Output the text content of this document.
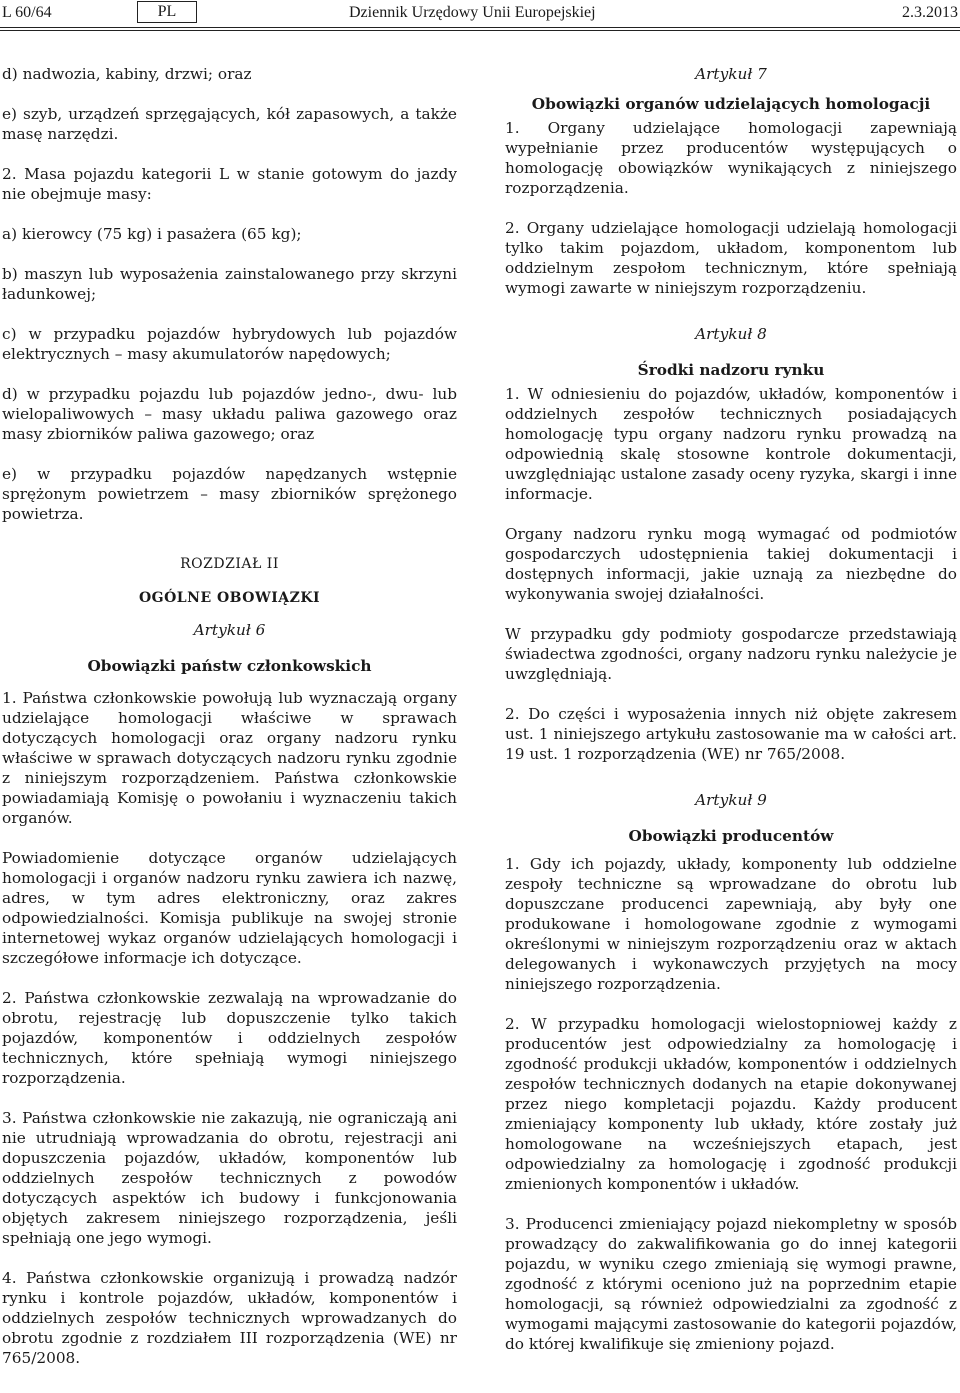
L 60/64	PL	Dziennik Urzędowy Unii Europejskiej	2.3.2013

d) nadwozia, kabiny, drzwi; oraz

e) szyb, urządzeń sprzęgających, kół zapasowych, a także masę narzędzi.

2. Masa pojazdu kategorii L w stanie gotowym do jazdy nie obejmuje masy:

a) kierowcy (75 kg) i pasażera (65 kg);

b) maszyn lub wyposażenia zainstalowanego przy skrzyni ładunkowej;

c) w przypadku pojazdów hybrydowych lub pojazdów elektrycznych – masy akumulatorów napędowych;

d) w przypadku pojazdu lub pojazdów jedno-, dwu- lub wielopaliwowych – masy układu paliwa gazowego oraz masy zbiorników paliwa gazowego; oraz

e) w przypadku pojazdów napędzanych wstępnie sprężonym powietrzem – masy zbiorników sprężonego powietrza.

ROZDZIAŁ II
OGÓLNE OBOWIĄZKI
Artykuł 6
Obowiązki państw członkowskich

1. Państwa członkowskie powołują lub wyznaczają organy udzielające homologacji właściwe w sprawach dotyczących homologacji oraz organy nadzoru rynku właściwe w sprawach dotyczących nadzoru rynku zgodnie z niniejszym rozporządzeniem. Państwa członkowskie powiadamiają Komisję o powołaniu i wyznaczeniu takich organów.

Powiadomienie dotyczące organów udzielających homologacji i organów nadzoru rynku zawiera ich nazwę, adres, w tym adres elektroniczny, oraz zakres odpowiedzialności. Komisja publikuje na swojej stronie internetowej wykaz organów udzielających homologacji i szczegółowe informacje ich dotyczące.

2. Państwa członkowskie zezwalają na wprowadzanie do obrotu, rejestrację lub dopuszczenie tylko takich pojazdów, komponentów i oddzielnych zespołów technicznych, które spełniają wymogi niniejszego rozporządzenia.

3. Państwa członkowskie nie zakazują, nie ograniczają ani nie utrudniają wprowadzania do obrotu, rejestracji ani dopuszczenia pojazdów, układów, komponentów lub oddzielnych zespołów technicznych z powodów dotyczących aspektów ich budowy i funkcjonowania objętych zakresem niniejszego rozporządzenia, jeśli spełniają one jego wymogi.

4. Państwa członkowskie organizują i prowadzą nadzór rynku i kontrole pojazdów, układów, komponentów i oddzielnych zespołów technicznych wprowadzanych do obrotu zgodnie z rozdziałem III rozporządzenia (WE) nr 765/2008.

Artykuł 7
Obowiązki organów udzielających homologacji

1. Organy udzielające homologacji zapewniają wypełnianie przez producentów występujących o homologację obowiązków wynikających z niniejszego rozporządzenia.

2. Organy udzielające homologacji udzielają homologacji tylko takim pojazdom, układom, komponentom lub oddzielnym zespołom technicznym, które spełniają wymogi zawarte w niniejszym rozporządzeniu.

Artykuł 8
Środki nadzoru rynku

1. W odniesieniu do pojazdów, układów, komponentów i oddzielnych zespołów technicznych posiadających homologację typu organy nadzoru rynku prowadzą na odpowiednią skalę stosowne kontrole dokumentacji, uwzględniając ustalone zasady oceny ryzyka, skargi i inne informacje.

Organy nadzoru rynku mogą wymagać od podmiotów gospodarczych udostępnienia takiej dokumentacji i dostępnych informacji, jakie uznają za niezbędne do wykonywania swojej działalności.

W przypadku gdy podmioty gospodarcze przedstawiają świadectwa zgodności, organy nadzoru rynku należycie je uwzględniają.

2. Do części i wyposażenia innych niż objęte zakresem ust. 1 niniejszego artykułu zastosowanie ma w całości art. 19 ust. 1 rozporządzenia (WE) nr 765/2008.

Artykuł 9
Obowiązki producentów

1. Gdy ich pojazdy, układy, komponenty lub oddzielne zespoły techniczne są wprowadzane do obrotu lub dopuszczane producenci zapewniają, aby były one produkowane i homologowane zgodnie z wymogami określonymi w niniejszym rozporządzeniu oraz w aktach delegowanych i wykonawczych przyjętych na mocy niniejszego rozporządzenia.

2. W przypadku homologacji wielostopniowej każdy z producentów jest odpowiedzialny za homologację i zgodność produkcji układów, komponentów i oddzielnych zespołów technicznych dodanych na etapie dokonywanej przez niego kompletacji pojazdu. Każdy producent zmieniający komponenty lub układy, które zostały już homologowane na wcześniejszych etapach, jest odpowiedzialny za homologację i zgodność produkcji zmienionych komponentów i układów.

3. Producenci zmieniający pojazd niekompletny w sposób prowadzący do zakwalifikowania go do innej kategorii pojazdu, w wyniku czego zmieniają się wymogi prawne, zgodność z którymi oceniono już na poprzednim etapie homologacji, są również odpowiedzialni za zgodność z wymogami mającymi zastosowanie do kategorii pojazdów, do której kwalifikuje się zmieniony pojazd.
